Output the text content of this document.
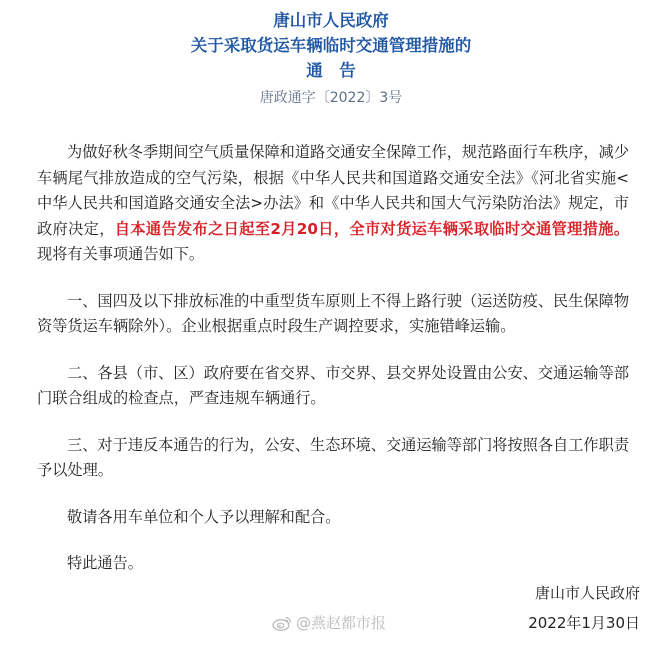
唐山市人民政府
关于采取货运车辆临时交通管理措施的
通　告
唐政通字〔2022〕3号

为做好秋冬季期间空气质量保障和道路交通安全保障工作，规范路面行车秩序，减少车辆尾气排放造成的空气污染，根据《中华人民共和国道路交通安全法》《河北省实施<中华人民共和国道路交通安全法>办法》和《中华人民共和国大气污染防治法》规定，市政府决定，自本通告发布之日起至2月20日，全市对货运车辆采取临时交通管理措施。现将有关事项通告如下。

一、国四及以下排放标准的中重型货车原则上不得上路行驶（运送防疫、民生保障物资等货运车辆除外）。企业根据重点时段生产调控要求，实施错峰运输。

二、各县（市、区）政府要在省交界、市交界、县交界处设置由公安、交通运输等部门联合组成的检查点，严查违规车辆通行。

三、对于违反本通告的行为，公安、生态环境、交通运输等部门将按照各自工作职责予以处理。

敬请各用车单位和个人予以理解和配合。

特此通告。

唐山市人民政府
2022年1月30日
@燕赵都市报
